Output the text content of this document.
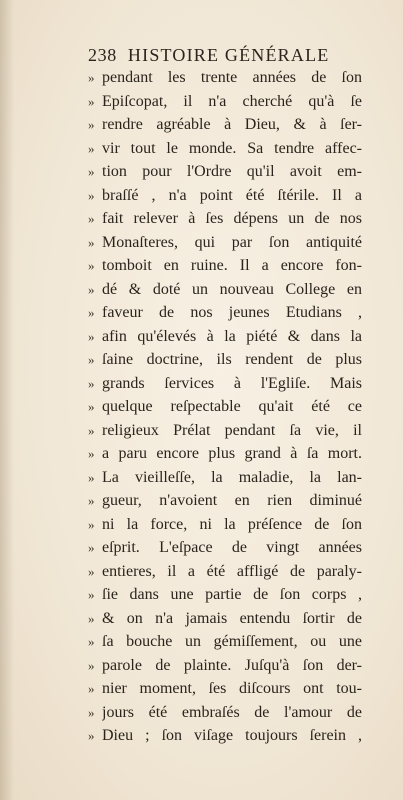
238 HISTOIRE GÉNÉRALE
» pendant les trente années de ſon
» Epiſcopat, il n'a cherché qu'à ſe
» rendre agréable à Dieu, & à ſer-
» vir tout le monde. Sa tendre affec-
» tion pour l'Ordre qu'il avoit em-
» braſſé , n'a point été ſtérile. Il a
» fait relever à ſes dépens un de nos
» Monaſteres, qui par ſon antiquité
» tomboit en ruine. Il a encore fon-
» dé & doté un nouveau College en
» faveur de nos jeunes Etudians ,
» afin qu'élevés à la piété & dans la
» ſaine doctrine, ils rendent de plus
» grands ſervices à l'Egliſe. Mais
» quelque reſpectable qu'ait été ce
» religieux Prélat pendant ſa vie, il
» a paru encore plus grand à ſa mort.
» La vieilleſſe, la maladie, la lan-
» gueur, n'avoient en rien diminué
» ni la force, ni la préſence de ſon
» eſprit. L'eſpace de vingt années
» entieres, il a été affligé de paraly-
» ſie dans une partie de ſon corps ,
» & on n'a jamais entendu ſortir de
» ſa bouche un gémiſſement, ou une
» parole de plainte. Juſqu'à ſon der-
» nier moment, ſes diſcours ont tou-
» jours été embraſés de l'amour de
» Dieu ; ſon viſage toujours ſerein ,
